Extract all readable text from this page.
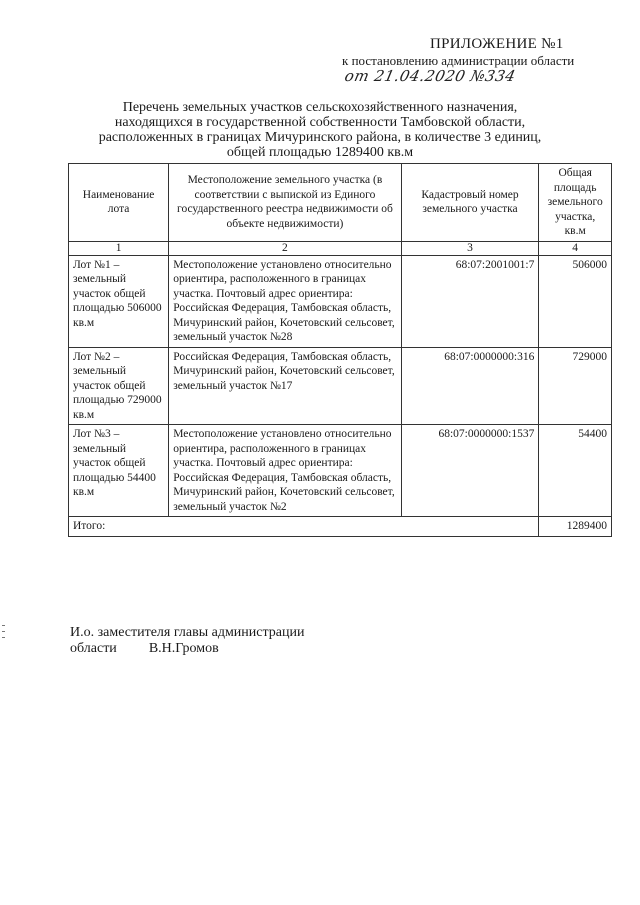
ПРИЛОЖЕНИЕ №1
к постановлению администрации области
от 21.04.2020 №334
Перечень земельных участков сельскохозяйственного назначения,
находящихся в государственной собственности Тамбовской области,
расположенных в границах Мичуринского района, в количестве 3 единиц,
общей площадью 1289400 кв.м
Наименование лота	Местоположение земельного участка (в соответствии с выпиской из Единого государственного реестра недвижимости об объекте недвижимости)	Кадастровый номер земельного участка	Общая площадь земельного участка, кв.м
1	2	3	4
Лот №1 – земельный участок общей площадью 506000 кв.м	Местоположение установлено относительно ориентира, расположенного в границах участка. Почтовый адрес ориентира: Российская Федерация, Тамбовская область, Мичуринский район, Кочетовский сельсовет, земельный участок №28	68:07:2001001:7	506000
Лот №2 – земельный участок общей площадью 729000 кв.м	Российская Федерация, Тамбовская область, Мичуринский район, Кочетовский сельсовет, земельный участок №17	68:07:0000000:316	729000
Лот №3 – земельный участок общей площадью 54400 кв.м	Местоположение установлено относительно ориентира, расположенного в границах участка. Почтовый адрес ориентира: Российская Федерация, Тамбовская область, Мичуринский район, Кочетовский сельсовет, земельный участок №2	68:07:0000000:1537	54400
Итого:			1289400
И.о. заместителя главы администрации
области В.Н.Громов
